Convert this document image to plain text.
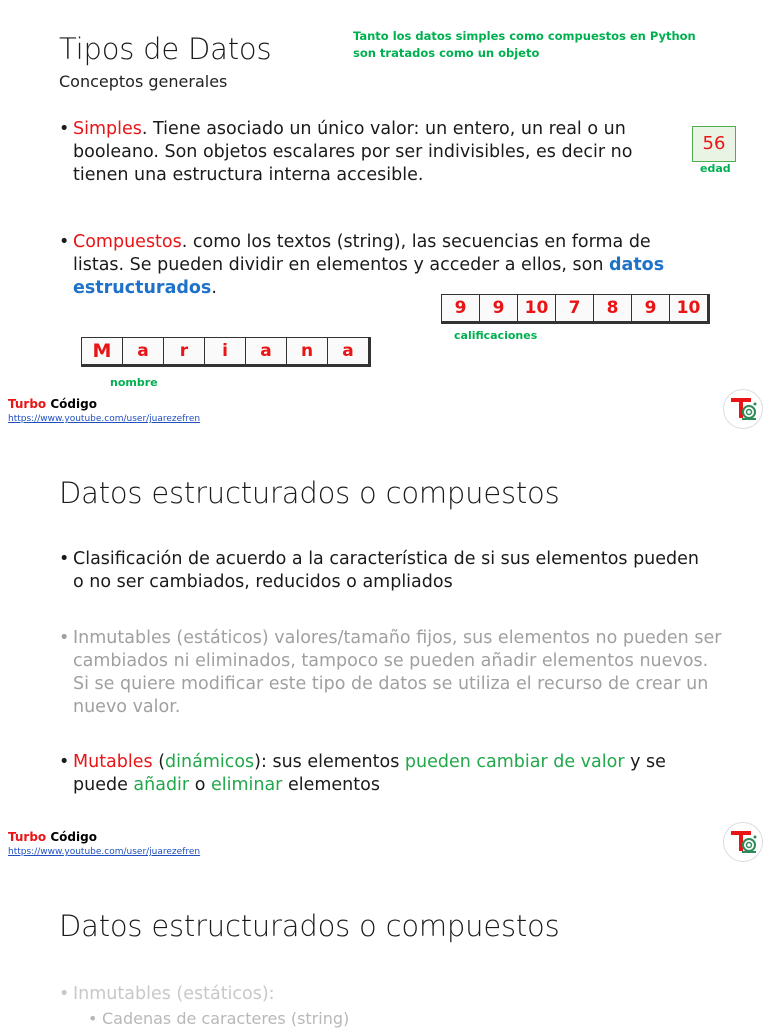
Tipos de Datos
Conceptos generales
Tanto los datos simples como compuestos en Python son tratados como un objeto
• Simples. Tiene asociado un único valor: un entero, un real o un booleano. Son objetos escalares por ser indivisibles, es decir no tienen una estructura interna accesible.
56
edad
• Compuestos. como los textos (string), las secuencias en forma de listas. Se pueden dividir en elementos y acceder a ellos, son datos estructurados.
9	9	10	7	8	9	10
calificaciones
M	a	r	i	a	n	a
nombre
Turbo Código
https://www.youtube.com/user/juarezefren
Datos estructurados o compuestos
• Clasificación de acuerdo a la característica de si sus elementos pueden o no ser cambiados, reducidos o ampliados
• Inmutables (estáticos) valores/tamaño fijos, sus elementos no pueden ser cambiados ni eliminados, tampoco se pueden añadir elementos nuevos. Si se quiere modificar este tipo de datos se utiliza el recurso de crear un nuevo valor.
• Mutables (dinámicos): sus elementos pueden cambiar de valor y se puede añadir o eliminar elementos
Turbo Código
https://www.youtube.com/user/juarezefren
Datos estructurados o compuestos
• Inmutables (estáticos):
• Cadenas de caracteres (string)
